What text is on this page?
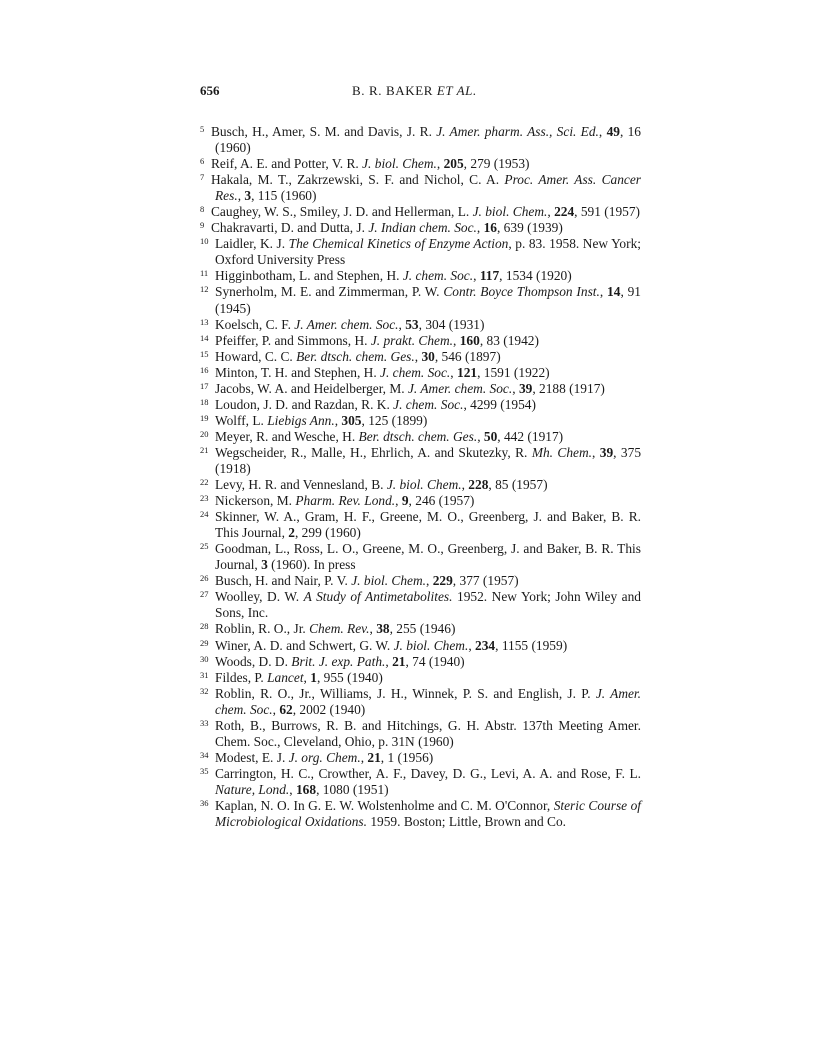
656	B. R. BAKER ET AL.
5 Busch, H., Amer, S. M. and Davis, J. R. J. Amer. pharm. Ass., Sci. Ed., 49, 16 (1960)
6 Reif, A. E. and Potter, V. R. J. biol. Chem., 205, 279 (1953)
7 Hakala, M. T., Zakrzewski, S. F. and Nichol, C. A. Proc. Amer. Ass. Cancer Res., 3, 115 (1960)
8 Caughey, W. S., Smiley, J. D. and Hellerman, L. J. biol. Chem., 224, 591 (1957)
9 Chakravarti, D. and Dutta, J. J. Indian chem. Soc., 16, 639 (1939)
10 Laidler, K. J. The Chemical Kinetics of Enzyme Action, p. 83. 1958. New York; Oxford University Press
11 Higginbotham, L. and Stephen, H. J. chem. Soc., 117, 1534 (1920)
12 Synerholm, M. E. and Zimmerman, P. W. Contr. Boyce Thompson Inst., 14, 91 (1945)
13 Koelsch, C. F. J. Amer. chem. Soc., 53, 304 (1931)
14 Pfeiffer, P. and Simmons, H. J. prakt. Chem., 160, 83 (1942)
15 Howard, C. C. Ber. dtsch. chem. Ges., 30, 546 (1897)
16 Minton, T. H. and Stephen, H. J. chem. Soc., 121, 1591 (1922)
17 Jacobs, W. A. and Heidelberger, M. J. Amer. chem. Soc., 39, 2188 (1917)
18 Loudon, J. D. and Razdan, R. K. J. chem. Soc., 4299 (1954)
19 Wolff, L. Liebigs Ann., 305, 125 (1899)
20 Meyer, R. and Wesche, H. Ber. dtsch. chem. Ges., 50, 442 (1917)
21 Wegscheider, R., Malle, H., Ehrlich, A. and Skutezky, R. Mh. Chem., 39, 375 (1918)
22 Levy, H. R. and Vennesland, B. J. biol. Chem., 228, 85 (1957)
23 Nickerson, M. Pharm. Rev. Lond., 9, 246 (1957)
24 Skinner, W. A., Gram, H. F., Greene, M. O., Greenberg, J. and Baker, B. R. This Journal, 2, 299 (1960)
25 Goodman, L., Ross, L. O., Greene, M. O., Greenberg, J. and Baker, B. R. This Journal, 3 (1960). In press
26 Busch, H. and Nair, P. V. J. biol. Chem., 229, 377 (1957)
27 Woolley, D. W. A Study of Antimetabolites. 1952. New York; John Wiley and Sons, Inc.
28 Roblin, R. O., Jr. Chem. Rev., 38, 255 (1946)
29 Winer, A. D. and Schwert, G. W. J. biol. Chem., 234, 1155 (1959)
30 Woods, D. D. Brit. J. exp. Path., 21, 74 (1940)
31 Fildes, P. Lancet, 1, 955 (1940)
32 Roblin, R. O., Jr., Williams, J. H., Winnek, P. S. and English, J. P. J. Amer. chem. Soc., 62, 2002 (1940)
33 Roth, B., Burrows, R. B. and Hitchings, G. H. Abstr. 137th Meeting Amer. Chem. Soc., Cleveland, Ohio, p. 31N (1960)
34 Modest, E. J. J. org. Chem., 21, 1 (1956)
35 Carrington, H. C., Crowther, A. F., Davey, D. G., Levi, A. A. and Rose, F. L. Nature, Lond., 168, 1080 (1951)
36 Kaplan, N. O. In G. E. W. Wolstenholme and C. M. O'Connor, Steric Course of Microbiological Oxidations. 1959. Boston; Little, Brown and Co.
